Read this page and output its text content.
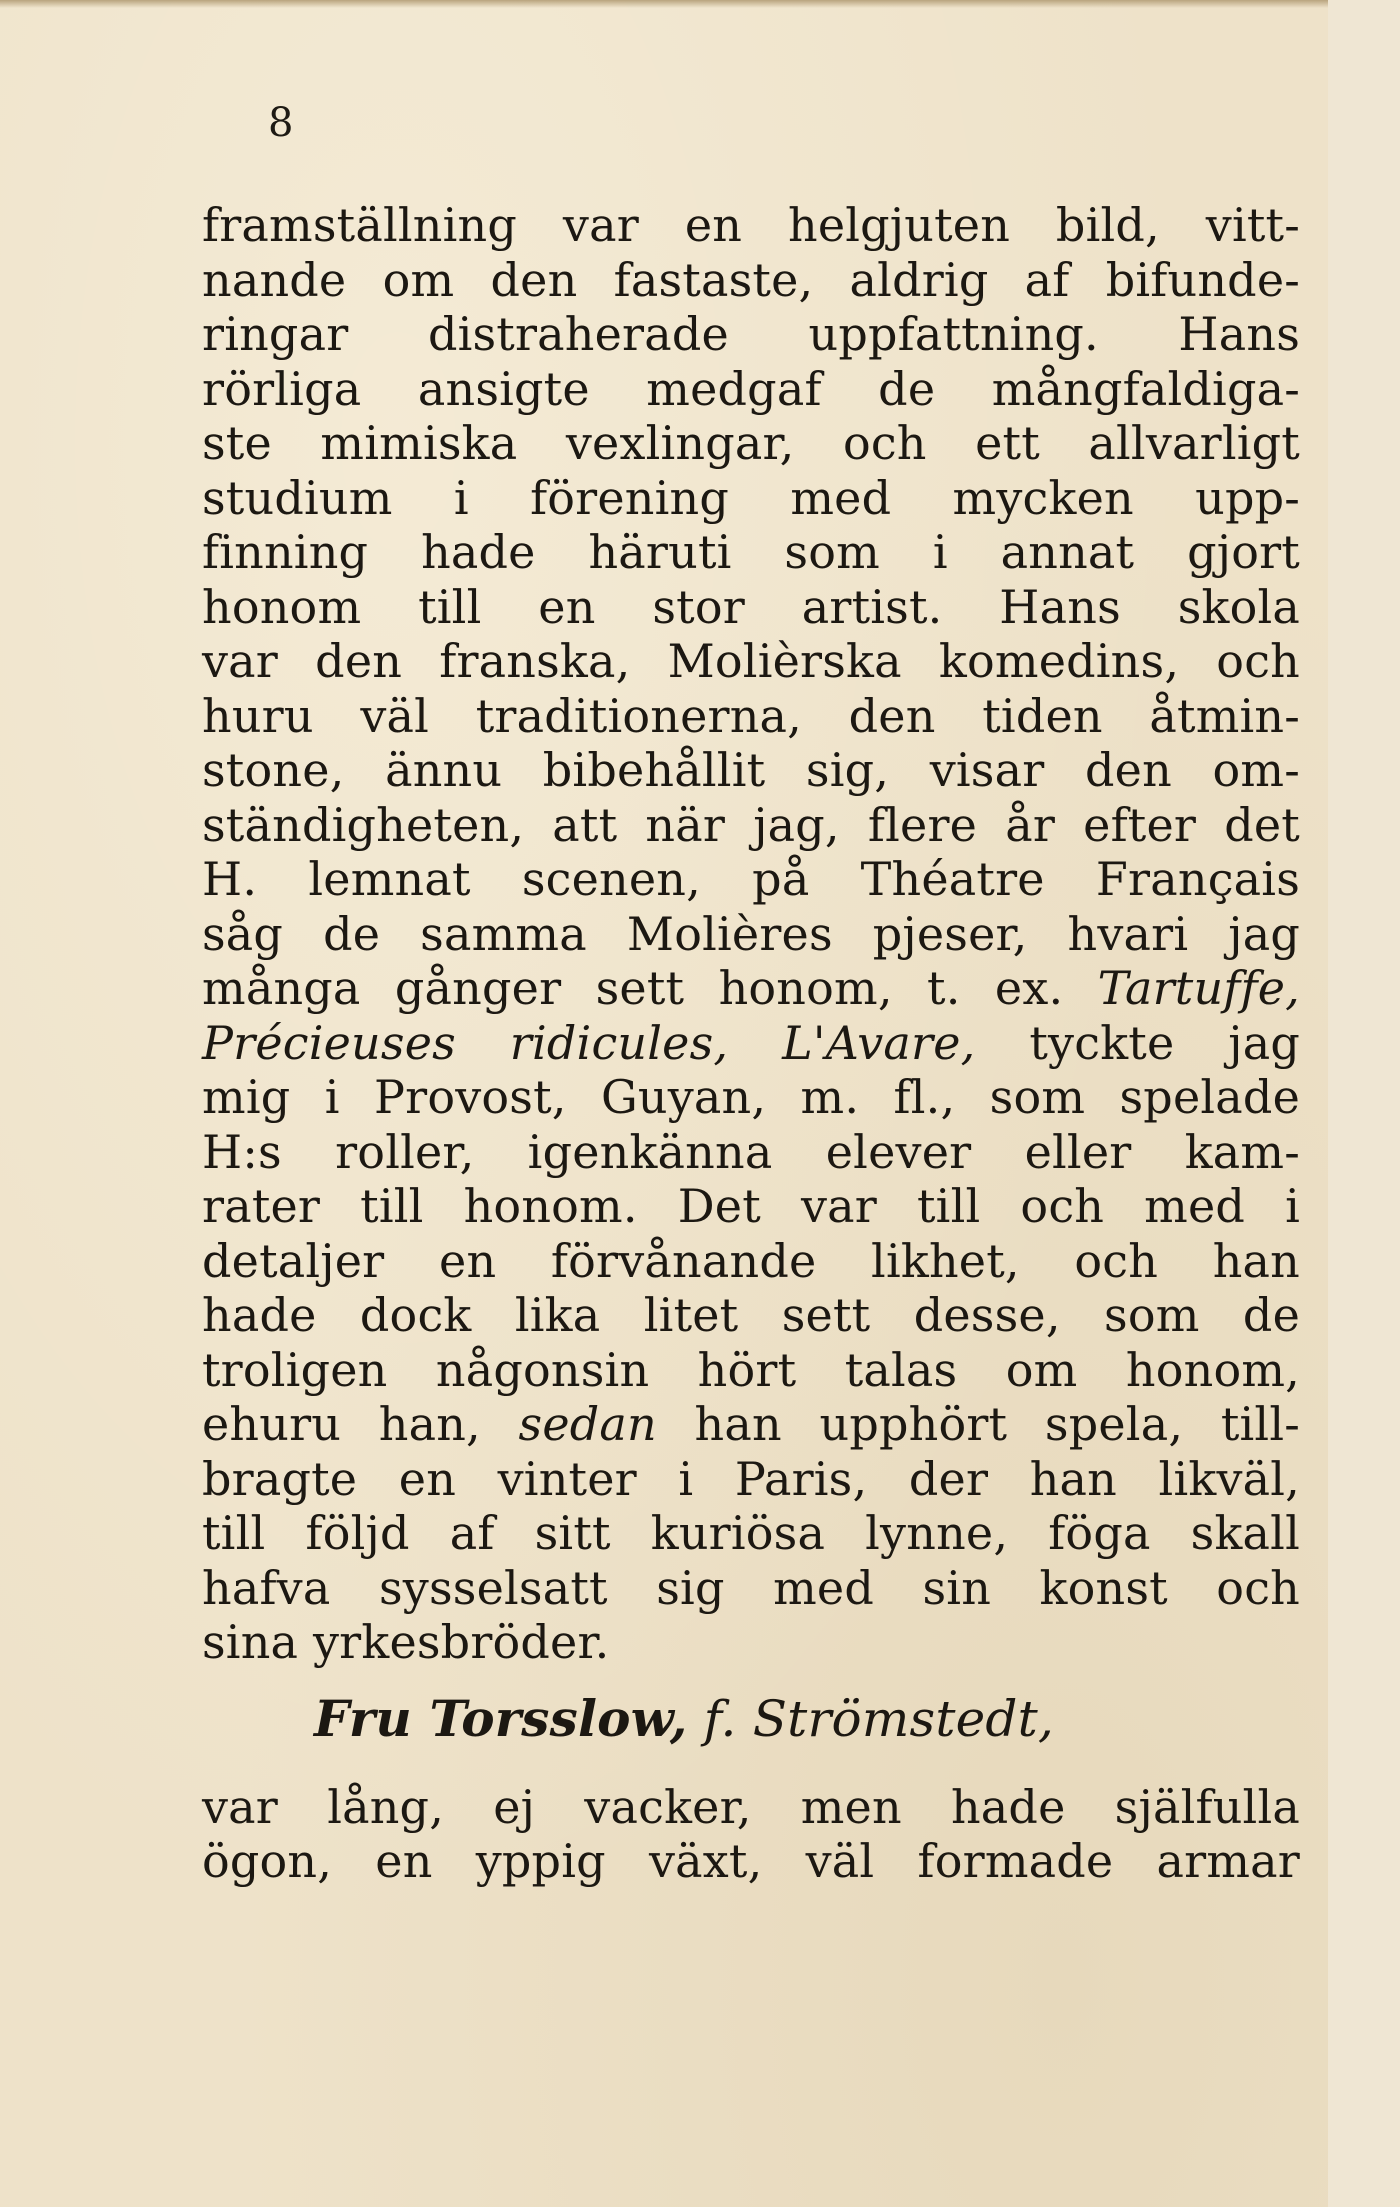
8
framställning var en helgjuten bild, vitt-
nande om den fastaste, aldrig af bifunde-
ringar distraherade uppfattning. Hans
rörliga ansigte medgaf de mångfaldiga-
ste mimiska vexlingar, och ett allvarligt
studium i förening med mycken upp-
finning hade häruti som i annat gjort
honom till en stor artist. Hans skola
var den franska, Molièrska komedins, och
huru väl traditionerna, den tiden åtmin-
stone, ännu bibehållit sig, visar den om-
ständigheten, att när jag, flere år efter det
H. lemnat scenen, på Théatre Français
såg de samma Molières pjeser, hvari jag
många gånger sett honom, t. ex. Tartuffe,
Précieuses ridicules, L'Avare, tyckte jag
mig i Provost, Guyan, m. fl., som spelade
H:s roller, igenkänna elever eller kam-
rater till honom. Det var till och med i
detaljer en förvånande likhet, och han
hade dock lika litet sett desse, som de
troligen någonsin hört talas om honom,
ehuru han, sedan han upphört spela, till-
bragte en vinter i Paris, der han likväl,
till följd af sitt kuriösa lynne, föga skall
hafva sysselsatt sig med sin konst och
sina yrkesbröder.
Fru Torsslow, f. Strömstedt,
var lång, ej vacker, men hade själfulla
ögon, en yppig växt, väl formade armar
